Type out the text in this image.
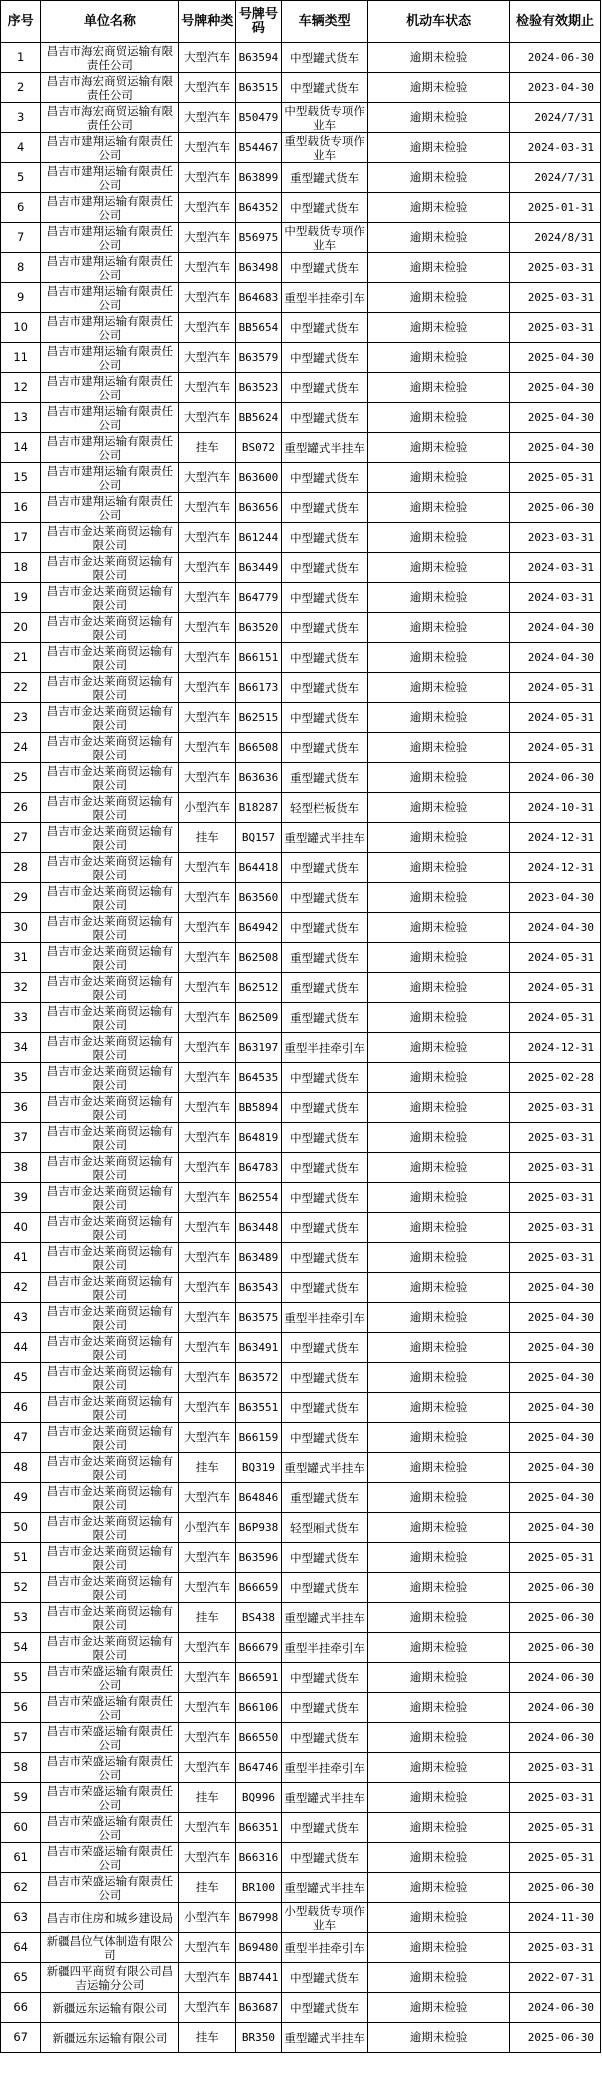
序号	单位名称	号牌种类	号牌号码	车辆类型	机动车状态	检验有效期止
1	昌吉市海宏商贸运输有限责任公司	大型汽车	B63594	中型罐式货车	逾期未检验	2024-06-30
2	昌吉市海宏商贸运输有限责任公司	大型汽车	B63515	中型罐式货车	逾期未检验	2023-04-30
3	昌吉市海宏商贸运输有限责任公司	大型汽车	B50479	中型载货专项作业车	逾期未检验	2024/7/31
4	昌吉市建翔运输有限责任公司	大型汽车	B54467	重型载货专项作业车	逾期未检验	2024-03-31
5	昌吉市建翔运输有限责任公司	大型汽车	B63899	重型罐式货车	逾期未检验	2024/7/31
6	昌吉市建翔运输有限责任公司	大型汽车	B64352	中型罐式货车	逾期未检验	2025-01-31
7	昌吉市建翔运输有限责任公司	大型汽车	B56975	中型载货专项作业车	逾期未检验	2024/8/31
8	昌吉市建翔运输有限责任公司	大型汽车	B63498	中型罐式货车	逾期未检验	2025-03-31
9	昌吉市建翔运输有限责任公司	大型汽车	B64683	重型半挂牵引车	逾期未检验	2025-03-31
10	昌吉市建翔运输有限责任公司	大型汽车	BB5654	中型罐式货车	逾期未检验	2025-03-31
11	昌吉市建翔运输有限责任公司	大型汽车	B63579	中型罐式货车	逾期未检验	2025-04-30
12	昌吉市建翔运输有限责任公司	大型汽车	B63523	中型罐式货车	逾期未检验	2025-04-30
13	昌吉市建翔运输有限责任公司	大型汽车	BB5624	中型罐式货车	逾期未检验	2025-04-30
14	昌吉市建翔运输有限责任公司	挂车	BS072	重型罐式半挂车	逾期未检验	2025-04-30
15	昌吉市建翔运输有限责任公司	大型汽车	B63600	中型罐式货车	逾期未检验	2025-05-31
16	昌吉市建翔运输有限责任公司	大型汽车	B63656	中型罐式货车	逾期未检验	2025-06-30
17	昌吉市金达莱商贸运输有限公司	大型汽车	B61244	中型罐式货车	逾期未检验	2023-03-31
18	昌吉市金达莱商贸运输有限公司	大型汽车	B63449	中型罐式货车	逾期未检验	2024-03-31
19	昌吉市金达莱商贸运输有限公司	大型汽车	B64779	中型罐式货车	逾期未检验	2024-03-31
20	昌吉市金达莱商贸运输有限公司	大型汽车	B63520	中型罐式货车	逾期未检验	2024-04-30
21	昌吉市金达莱商贸运输有限公司	大型汽车	B66151	中型罐式货车	逾期未检验	2024-04-30
22	昌吉市金达莱商贸运输有限公司	大型汽车	B66173	中型罐式货车	逾期未检验	2024-05-31
23	昌吉市金达莱商贸运输有限公司	大型汽车	B62515	中型罐式货车	逾期未检验	2024-05-31
24	昌吉市金达莱商贸运输有限公司	大型汽车	B66508	中型罐式货车	逾期未检验	2024-05-31
25	昌吉市金达莱商贸运输有限公司	大型汽车	B63636	重型罐式货车	逾期未检验	2024-06-30
26	昌吉市金达莱商贸运输有限公司	小型汽车	B18287	轻型栏板货车	逾期未检验	2024-10-31
27	昌吉市金达莱商贸运输有限公司	挂车	BQ157	重型罐式半挂车	逾期未检验	2024-12-31
28	昌吉市金达莱商贸运输有限公司	大型汽车	B64418	中型罐式货车	逾期未检验	2024-12-31
29	昌吉市金达莱商贸运输有限公司	大型汽车	B63560	中型罐式货车	逾期未检验	2023-04-30
30	昌吉市金达莱商贸运输有限公司	大型汽车	B64942	中型罐式货车	逾期未检验	2024-04-30
31	昌吉市金达莱商贸运输有限公司	大型汽车	B62508	重型罐式货车	逾期未检验	2024-05-31
32	昌吉市金达莱商贸运输有限公司	大型汽车	B62512	重型罐式货车	逾期未检验	2024-05-31
33	昌吉市金达莱商贸运输有限公司	大型汽车	B62509	重型罐式货车	逾期未检验	2024-05-31
34	昌吉市金达莱商贸运输有限公司	大型汽车	B63197	重型半挂牵引车	逾期未检验	2024-12-31
35	昌吉市金达莱商贸运输有限公司	大型汽车	B64535	中型罐式货车	逾期未检验	2025-02-28
36	昌吉市金达莱商贸运输有限公司	大型汽车	BB5894	中型罐式货车	逾期未检验	2025-03-31
37	昌吉市金达莱商贸运输有限公司	大型汽车	B64819	中型罐式货车	逾期未检验	2025-03-31
38	昌吉市金达莱商贸运输有限公司	大型汽车	B64783	中型罐式货车	逾期未检验	2025-03-31
39	昌吉市金达莱商贸运输有限公司	大型汽车	B62554	中型罐式货车	逾期未检验	2025-03-31
40	昌吉市金达莱商贸运输有限公司	大型汽车	B63448	中型罐式货车	逾期未检验	2025-03-31
41	昌吉市金达莱商贸运输有限公司	大型汽车	B63489	中型罐式货车	逾期未检验	2025-03-31
42	昌吉市金达莱商贸运输有限公司	大型汽车	B63543	中型罐式货车	逾期未检验	2025-04-30
43	昌吉市金达莱商贸运输有限公司	大型汽车	B63575	重型半挂牵引车	逾期未检验	2025-04-30
44	昌吉市金达莱商贸运输有限公司	大型汽车	B63491	中型罐式货车	逾期未检验	2025-04-30
45	昌吉市金达莱商贸运输有限公司	大型汽车	B63572	中型罐式货车	逾期未检验	2025-04-30
46	昌吉市金达莱商贸运输有限公司	大型汽车	B63551	中型罐式货车	逾期未检验	2025-04-30
47	昌吉市金达莱商贸运输有限公司	大型汽车	B66159	中型罐式货车	逾期未检验	2025-04-30
48	昌吉市金达莱商贸运输有限公司	挂车	BQ319	重型罐式半挂车	逾期未检验	2025-04-30
49	昌吉市金达莱商贸运输有限公司	大型汽车	B64846	重型罐式货车	逾期未检验	2025-04-30
50	昌吉市金达莱商贸运输有限公司	小型汽车	B6P938	轻型厢式货车	逾期未检验	2025-04-30
51	昌吉市金达莱商贸运输有限公司	大型汽车	B63596	中型罐式货车	逾期未检验	2025-05-31
52	昌吉市金达莱商贸运输有限公司	大型汽车	B66659	中型罐式货车	逾期未检验	2025-06-30
53	昌吉市金达莱商贸运输有限公司	挂车	BS438	重型罐式半挂车	逾期未检验	2025-06-30
54	昌吉市金达莱商贸运输有限公司	大型汽车	B66679	重型半挂牵引车	逾期未检验	2025-06-30
55	昌吉市荣盛运输有限责任公司	大型汽车	B66591	中型罐式货车	逾期未检验	2024-06-30
56	昌吉市荣盛运输有限责任公司	大型汽车	B66106	中型罐式货车	逾期未检验	2024-06-30
57	昌吉市荣盛运输有限责任公司	大型汽车	B66550	中型罐式货车	逾期未检验	2024-06-30
58	昌吉市荣盛运输有限责任公司	大型汽车	B64746	重型半挂牵引车	逾期未检验	2025-03-31
59	昌吉市荣盛运输有限责任公司	挂车	BQ996	重型罐式半挂车	逾期未检验	2025-03-31
60	昌吉市荣盛运输有限责任公司	大型汽车	B66351	中型罐式货车	逾期未检验	2025-05-31
61	昌吉市荣盛运输有限责任公司	大型汽车	B66316	中型罐式货车	逾期未检验	2025-05-31
62	昌吉市荣盛运输有限责任公司	挂车	BR100	重型罐式半挂车	逾期未检验	2025-06-30
63	昌吉市住房和城乡建设局	小型汽车	B67998	小型载货专项作业车	逾期未检验	2024-11-30
64	新疆昌位气体制造有限公司	大型汽车	B69480	重型半挂牵引车	逾期未检验	2025-03-31
65	新疆四平商贸有限公司昌吉运输分公司	大型汽车	BB7441	中型罐式货车	逾期未检验	2022-07-31
66	新疆远东运输有限公司	大型汽车	B63687	中型罐式货车	逾期未检验	2024-06-30
67	新疆远东运输有限公司	挂车	BR350	重型罐式半挂车	逾期未检验	2025-06-30
